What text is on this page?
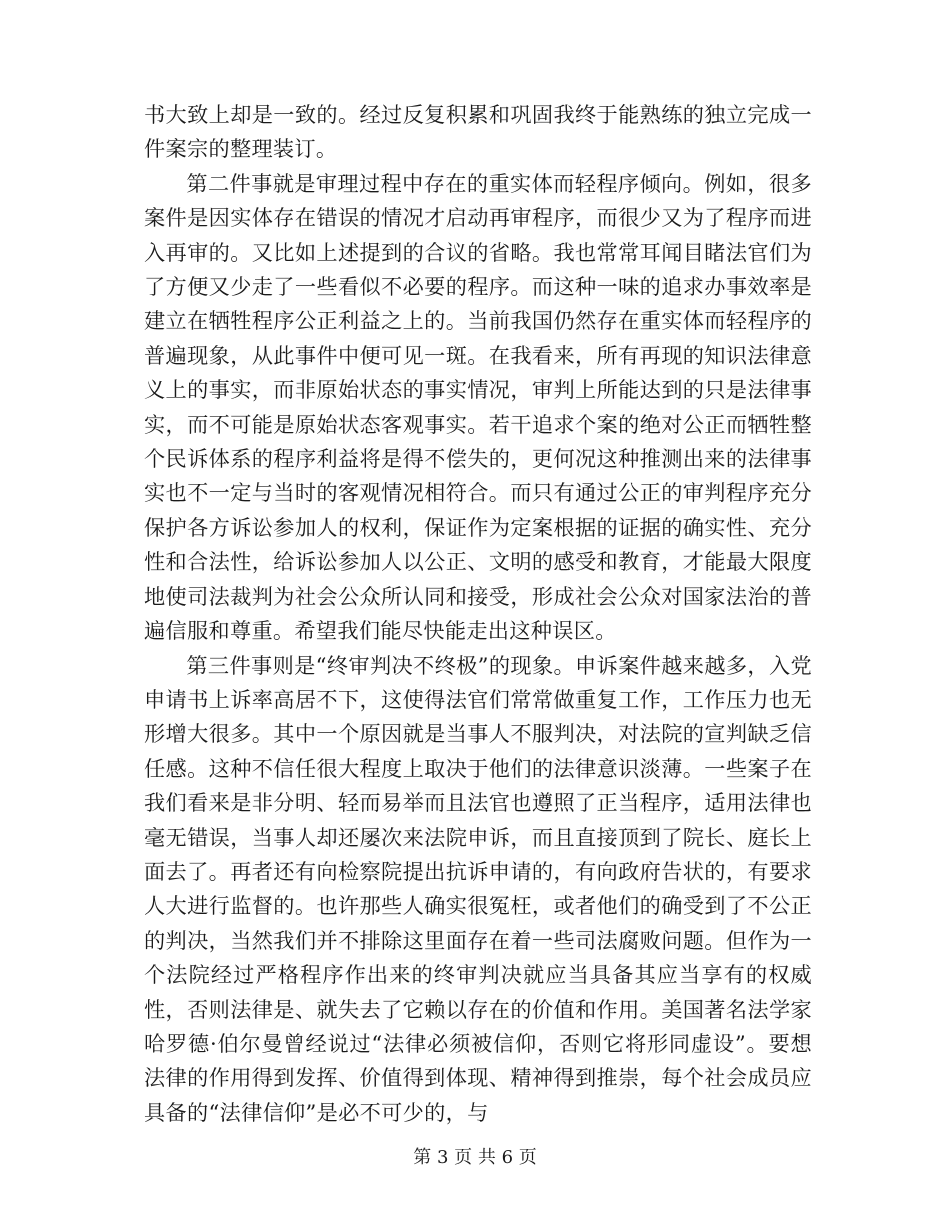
书大致上却是一致的。经过反复积累和巩固我终于能熟练的独立完成一件案宗的整理装订。

第二件事就是审理过程中存在的重实体而轻程序倾向。例如，很多案件是因实体存在错误的情况才启动再审程序，而很少又为了程序而进入再审的。又比如上述提到的合议的省略。我也常常耳闻目睹法官们为了方便又少走了一些看似不必要的程序。而这种一味的追求办事效率是建立在牺牲程序公正利益之上的。当前我国仍然存在重实体而轻程序的普遍现象，从此事件中便可见一斑。在我看来，所有再现的知识法律意义上的事实，而非原始状态的事实情况，审判上所能达到的只是法律事实，而不可能是原始状态客观事实。若干追求个案的绝对公正而牺牲整个民诉体系的程序利益将是得不偿失的，更何况这种推测出来的法律事实也不一定与当时的客观情况相符合。而只有通过公正的审判程序充分保护各方诉讼参加人的权利，保证作为定案根据的证据的确实性、充分性和合法性，给诉讼参加人以公正、文明的感受和教育，才能最大限度地使司法裁判为社会公众所认同和接受，形成社会公众对国家法治的普遍信服和尊重。希望我们能尽快能走出这种误区。

第三件事则是“终审判决不终极”的现象。申诉案件越来越多，入党申请书上诉率高居不下，这使得法官们常常做重复工作，工作压力也无形增大很多。其中一个原因就是当事人不服判决，对法院的宣判缺乏信任感。这种不信任很大程度上取决于他们的法律意识淡薄。一些案子在我们看来是非分明、轻而易举而且法官也遵照了正当程序，适用法律也毫无错误，当事人却还屡次来法院申诉，而且直接顶到了院长、庭长上面去了。再者还有向检察院提出抗诉申请的，有向政府告状的，有要求人大进行监督的。也许那些人确实很冤枉，或者他们的确受到了不公正的判决，当然我们并不排除这里面存在着一些司法腐败问题。但作为一个法院经过严格程序作出来的终审判决就应当具备其应当享有的权威性，否则法律是、就失去了它赖以存在的价值和作用。美国著名法学家哈罗德·伯尔曼曾经说过“法律必须被信仰，否则它将形同虚设”。要想法律的作用得到发挥、价值得到体现、精神得到推崇，每个社会成员应具备的“法律信仰”是必不可少的，与

第 3 页 共 6 页
